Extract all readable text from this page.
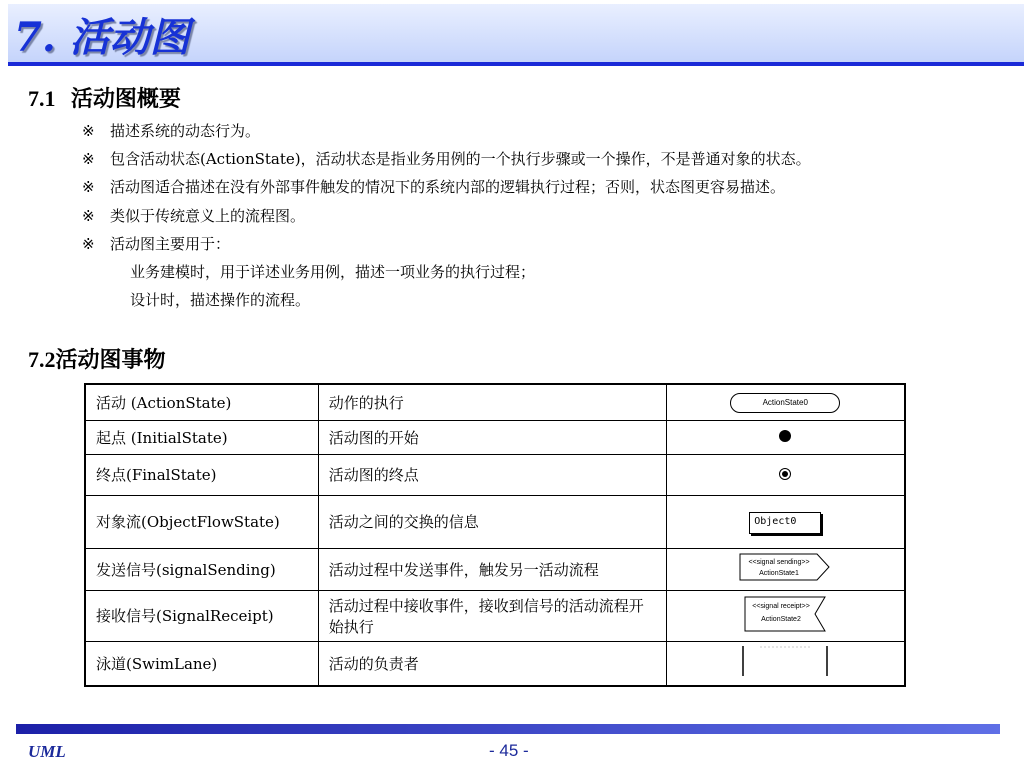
7. 活动图
7.1 活动图概要
※ 描述系统的动态行为。
※ 包含活动状态(ActionState)，活动状态是指业务用例的一个执行步骤或一个操作，不是普通对象的状态。
※ 活动图适合描述在没有外部事件触发的情况下的系统内部的逻辑执行过程；否则，状态图更容易描述。
※ 类似于传统意义上的流程图。
※ 活动图主要用于：
业务建模时，用于详述业务用例，描述一项业务的执行过程；
设计时，描述操作的流程。
7.2活动图事物
活动 (ActionState)	动作的执行	ActionState0
起点 (InitialState)	活动图的开始	
终点(FinalState)	活动图的终点	
对象流(ObjectFlowState)	活动之间的交换的信息	Object0
发送信号(signalSending)	活动过程中发送事件，触发另一活动流程	<<signal sending>>
ActionState1

接收信号(SignalReceipt)	活动过程中接收事件，接收到信号的活动流程开始执行	<<signal receipt>>
ActionState2

泳道(SwimLane)	活动的负责者	
UML	- 45 -
